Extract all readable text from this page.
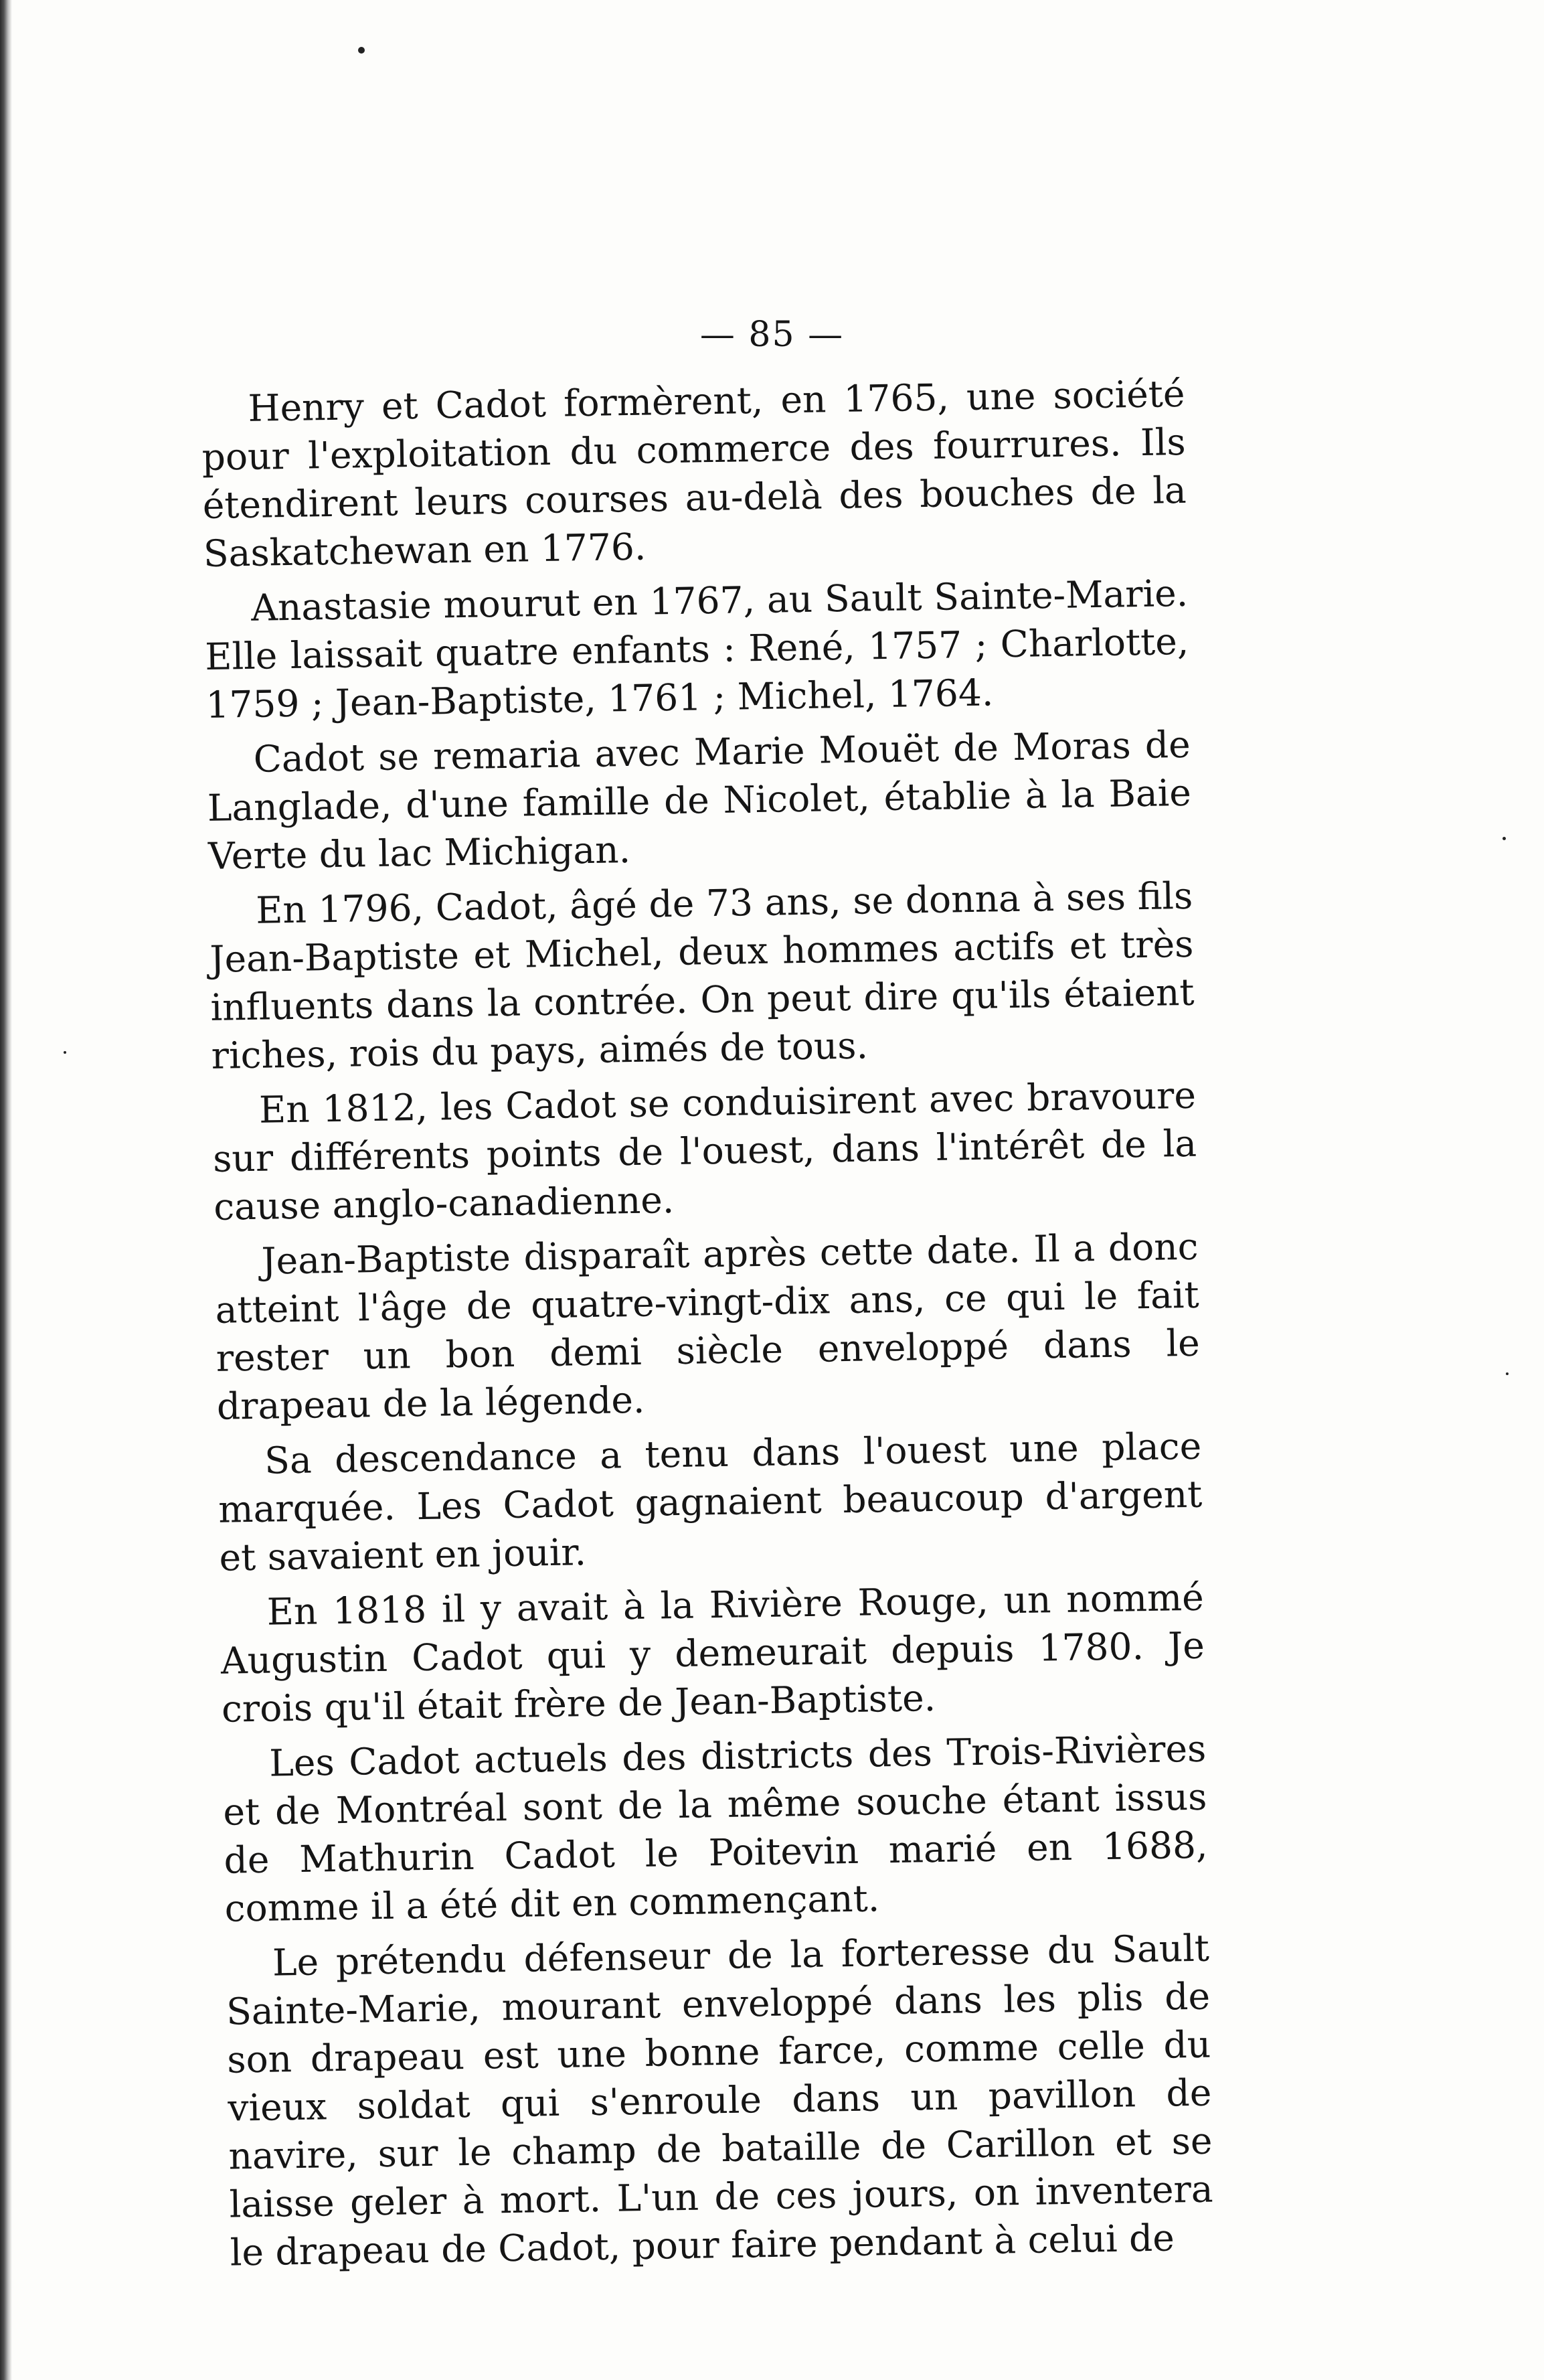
— 85 —

Henry et Cadot formèrent, en 1765, une société pour l'exploitation du commerce des fourrures. Ils étendirent leurs courses au-delà des bouches de la Saskatchewan en 1776.

Anastasie mourut en 1767, au Sault Sainte-Marie. Elle laissait quatre enfants : René, 1757 ; Charlotte, 1759 ; Jean-Baptiste, 1761 ; Michel, 1764.

Cadot se remaria avec Marie Mouët de Moras de Langlade, d'une famille de Nicolet, établie à la Baie Verte du lac Michigan.

En 1796, Cadot, âgé de 73 ans, se donna à ses fils Jean-Baptiste et Michel, deux hommes actifs et très influents dans la contrée. On peut dire qu'ils étaient riches, rois du pays, aimés de tous.

En 1812, les Cadot se conduisirent avec bravoure sur différents points de l'ouest, dans l'intérêt de la cause anglo-canadienne.

Jean-Baptiste disparaît après cette date. Il a donc atteint l'âge de quatre-vingt-dix ans, ce qui le fait rester un bon demi siècle enveloppé dans le drapeau de la légende.

Sa descendance a tenu dans l'ouest une place marquée. Les Cadot gagnaient beaucoup d'argent et savaient en jouir.

En 1818 il y avait à la Rivière Rouge, un nommé Augustin Cadot qui y demeurait depuis 1780. Je crois qu'il était frère de Jean-Baptiste.

Les Cadot actuels des districts des Trois-Rivières et de Montréal sont de la même souche étant issus de Mathurin Cadot le Poitevin marié en 1688, comme il a été dit en commençant.

Le prétendu défenseur de la forteresse du Sault Sainte-Marie, mourant enveloppé dans les plis de son drapeau est une bonne farce, comme celle du vieux soldat qui s'enroule dans un pavillon de navire, sur le champ de bataille de Carillon et se laisse geler à mort. L'un de ces jours, on inventera le drapeau de Cadot, pour faire pendant à celui de
